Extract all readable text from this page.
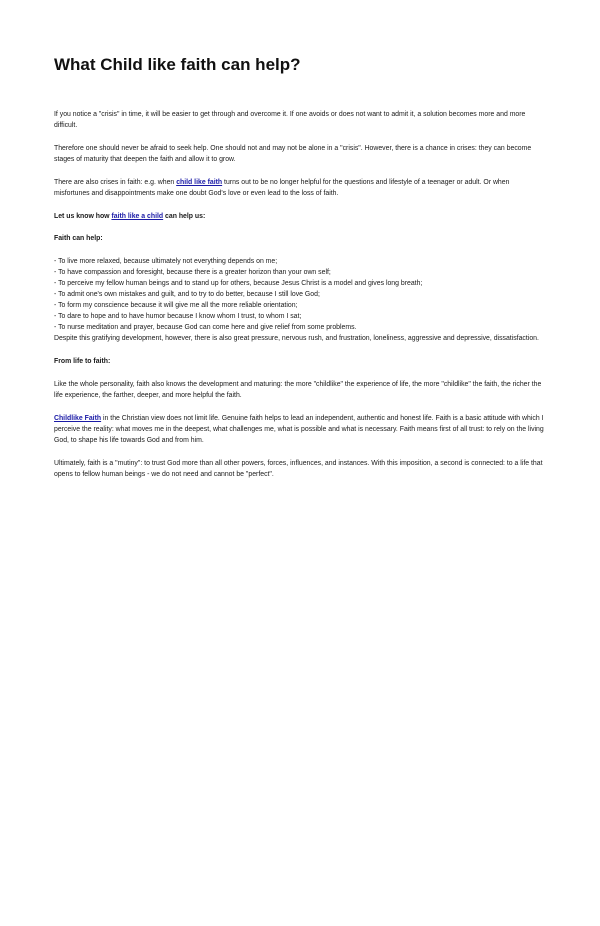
What Child like faith can help?

If you notice a "crisis" in time, it will be easier to get through and overcome it. If one avoids or does not want to admit it, a solution becomes more and more difficult.

Therefore one should never be afraid to seek help. One should not and may not be alone in a "crisis". However, there is a chance in crises: they can become stages of maturity that deepen the faith and allow it to grow.

There are also crises in faith: e.g. when child like faith turns out to be no longer helpful for the questions and lifestyle of a teenager or adult. Or when misfortunes and disappointments make one doubt God's love or even lead to the loss of faith.

Let us know how faith like a child can help us:

Faith can help:

- To live more relaxed, because ultimately not everything depends on me;
- To have compassion and foresight, because there is a greater horizon than your own self;
- To perceive my fellow human beings and to stand up for others, because Jesus Christ is a model and gives long breath;
- To admit one's own mistakes and guilt, and to try to do better, because I still love God;
- To form my conscience because it will give me all the more reliable orientation;
- To dare to hope and to have humor because I know whom I trust, to whom I sat;
- To nurse meditation and prayer, because God can come here and give relief from some problems.
Despite this gratifying development, however, there is also great pressure, nervous rush, and frustration, loneliness, aggressive and depressive, dissatisfaction.

From life to faith:

Like the whole personality, faith also knows the development and maturing: the more "childlike" the experience of life, the more "childlike" the faith, the richer the life experience, the farther, deeper, and more helpful the faith.

Childlike Faith in the Christian view does not limit life. Genuine faith helps to lead an independent, authentic and honest life. Faith is a basic attitude with which I perceive the reality: what moves me in the deepest, what challenges me, what is possible and what is necessary. Faith means first of all trust: to rely on the living God, to shape his life towards God and from him.

Ultimately, faith is a "mutiny": to trust God more than all other powers, forces, influences, and instances. With this imposition, a second is connected: to a life that opens to fellow human beings - we do not need and cannot be "perfect".
